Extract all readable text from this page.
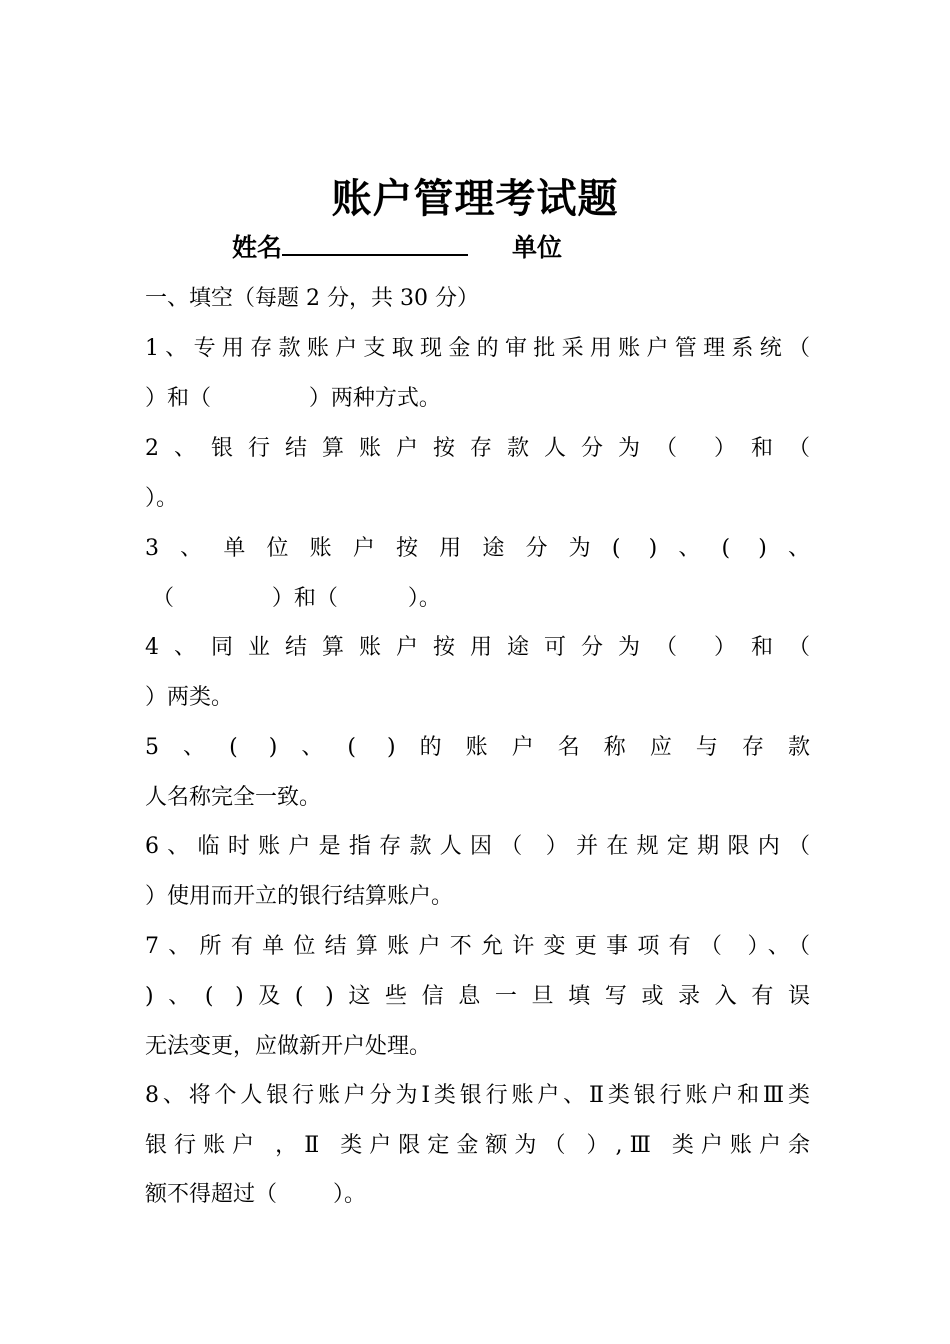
账户管理考试题
姓名	单位
一、填空（每题 2 分，共 30 分）
1、专用存款账户支取现金的审批采用账户管理系统（
）和（              ）两种方式。
2、银行结算账户按存款人分为（ ）和（
）。
3、单位账户按用途分为( )、( )、
（              ）和（          ）。
4、同业结算账户按用途可分为（ ）和（
）两类。
5、( )、( )的账户名称应与存款
人名称完全一致。
6、临时账户是指存款人因（ ）并在规定期限内（
）使用而开立的银行结算账户。
7、所有单位结算账户不允许变更事项有（ ）、（
)、( )及( )这些信息一旦填写或录入有误
无法变更，应做新开户处理。
8、将个人银行账户分为Ⅰ类银行账户、Ⅱ类银行账户和Ⅲ类
银行账户 ，Ⅱ 类户限定金额为（ ）,Ⅲ 类户账户余
额不得超过（        ）。
